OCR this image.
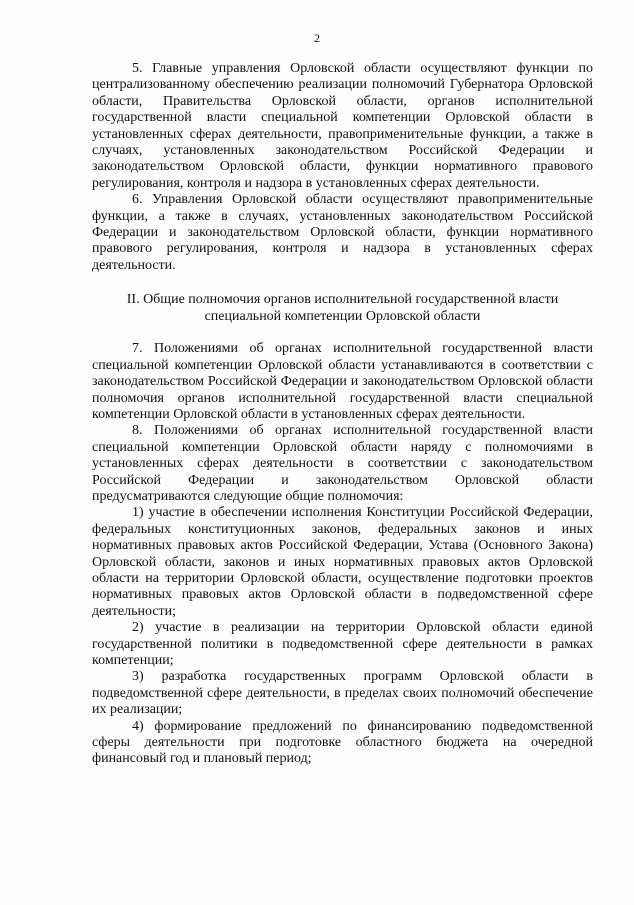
2

5. Главные управления Орловской области осуществляют функции по централизованному обеспечению реализации полномочий Губернатора Орловской области, Правительства Орловской области, органов исполнительной государственной власти специальной компетенции Орловской области в установленных сферах деятельности, правоприменительные функции, а также в случаях, установленных законодательством Российской Федерации и законодательством Орловской области, функции нормативного правового регулирования, контроля и надзора в установленных сферах деятельности.

6. Управления Орловской области осуществляют правоприменительные функции, а также в случаях, установленных законодательством Российской Федерации и законодательством Орловской области, функции нормативного правового регулирования, контроля и надзора в установленных сферах деятельности.

II. Общие полномочия органов исполнительной государственной власти
специальной компетенции Орловской области

7. Положениями об органах исполнительной государственной власти специальной компетенции Орловской области устанавливаются в соответствии с законодательством Российской Федерации и законодательством Орловской области полномочия органов исполнительной государственной власти специальной компетенции Орловской области в установленных сферах деятельности.

8. Положениями об органах исполнительной государственной власти специальной компетенции Орловской области наряду с полномочиями в установленных сферах деятельности в соответствии с законодательством Российской Федерации и законодательством Орловской области предусматриваются следующие общие полномочия:

1) участие в обеспечении исполнения Конституции Российской Федерации, федеральных конституционных законов, федеральных законов и иных нормативных правовых актов Российской Федерации, Устава (Основного Закона) Орловской области, законов и иных нормативных правовых актов Орловской области на территории Орловской области, осуществление подготовки проектов нормативных правовых актов Орловской области в подведомственной сфере деятельности;

2) участие в реализации на территории Орловской области единой государственной политики в подведомственной сфере деятельности в рамках компетенции;

3) разработка государственных программ Орловской области в подведомственной сфере деятельности, в пределах своих полномочий обеспечение их реализации;

4) формирование предложений по финансированию подведомственной сферы деятельности при подготовке областного бюджета на очередной финансовый год и плановый период;
